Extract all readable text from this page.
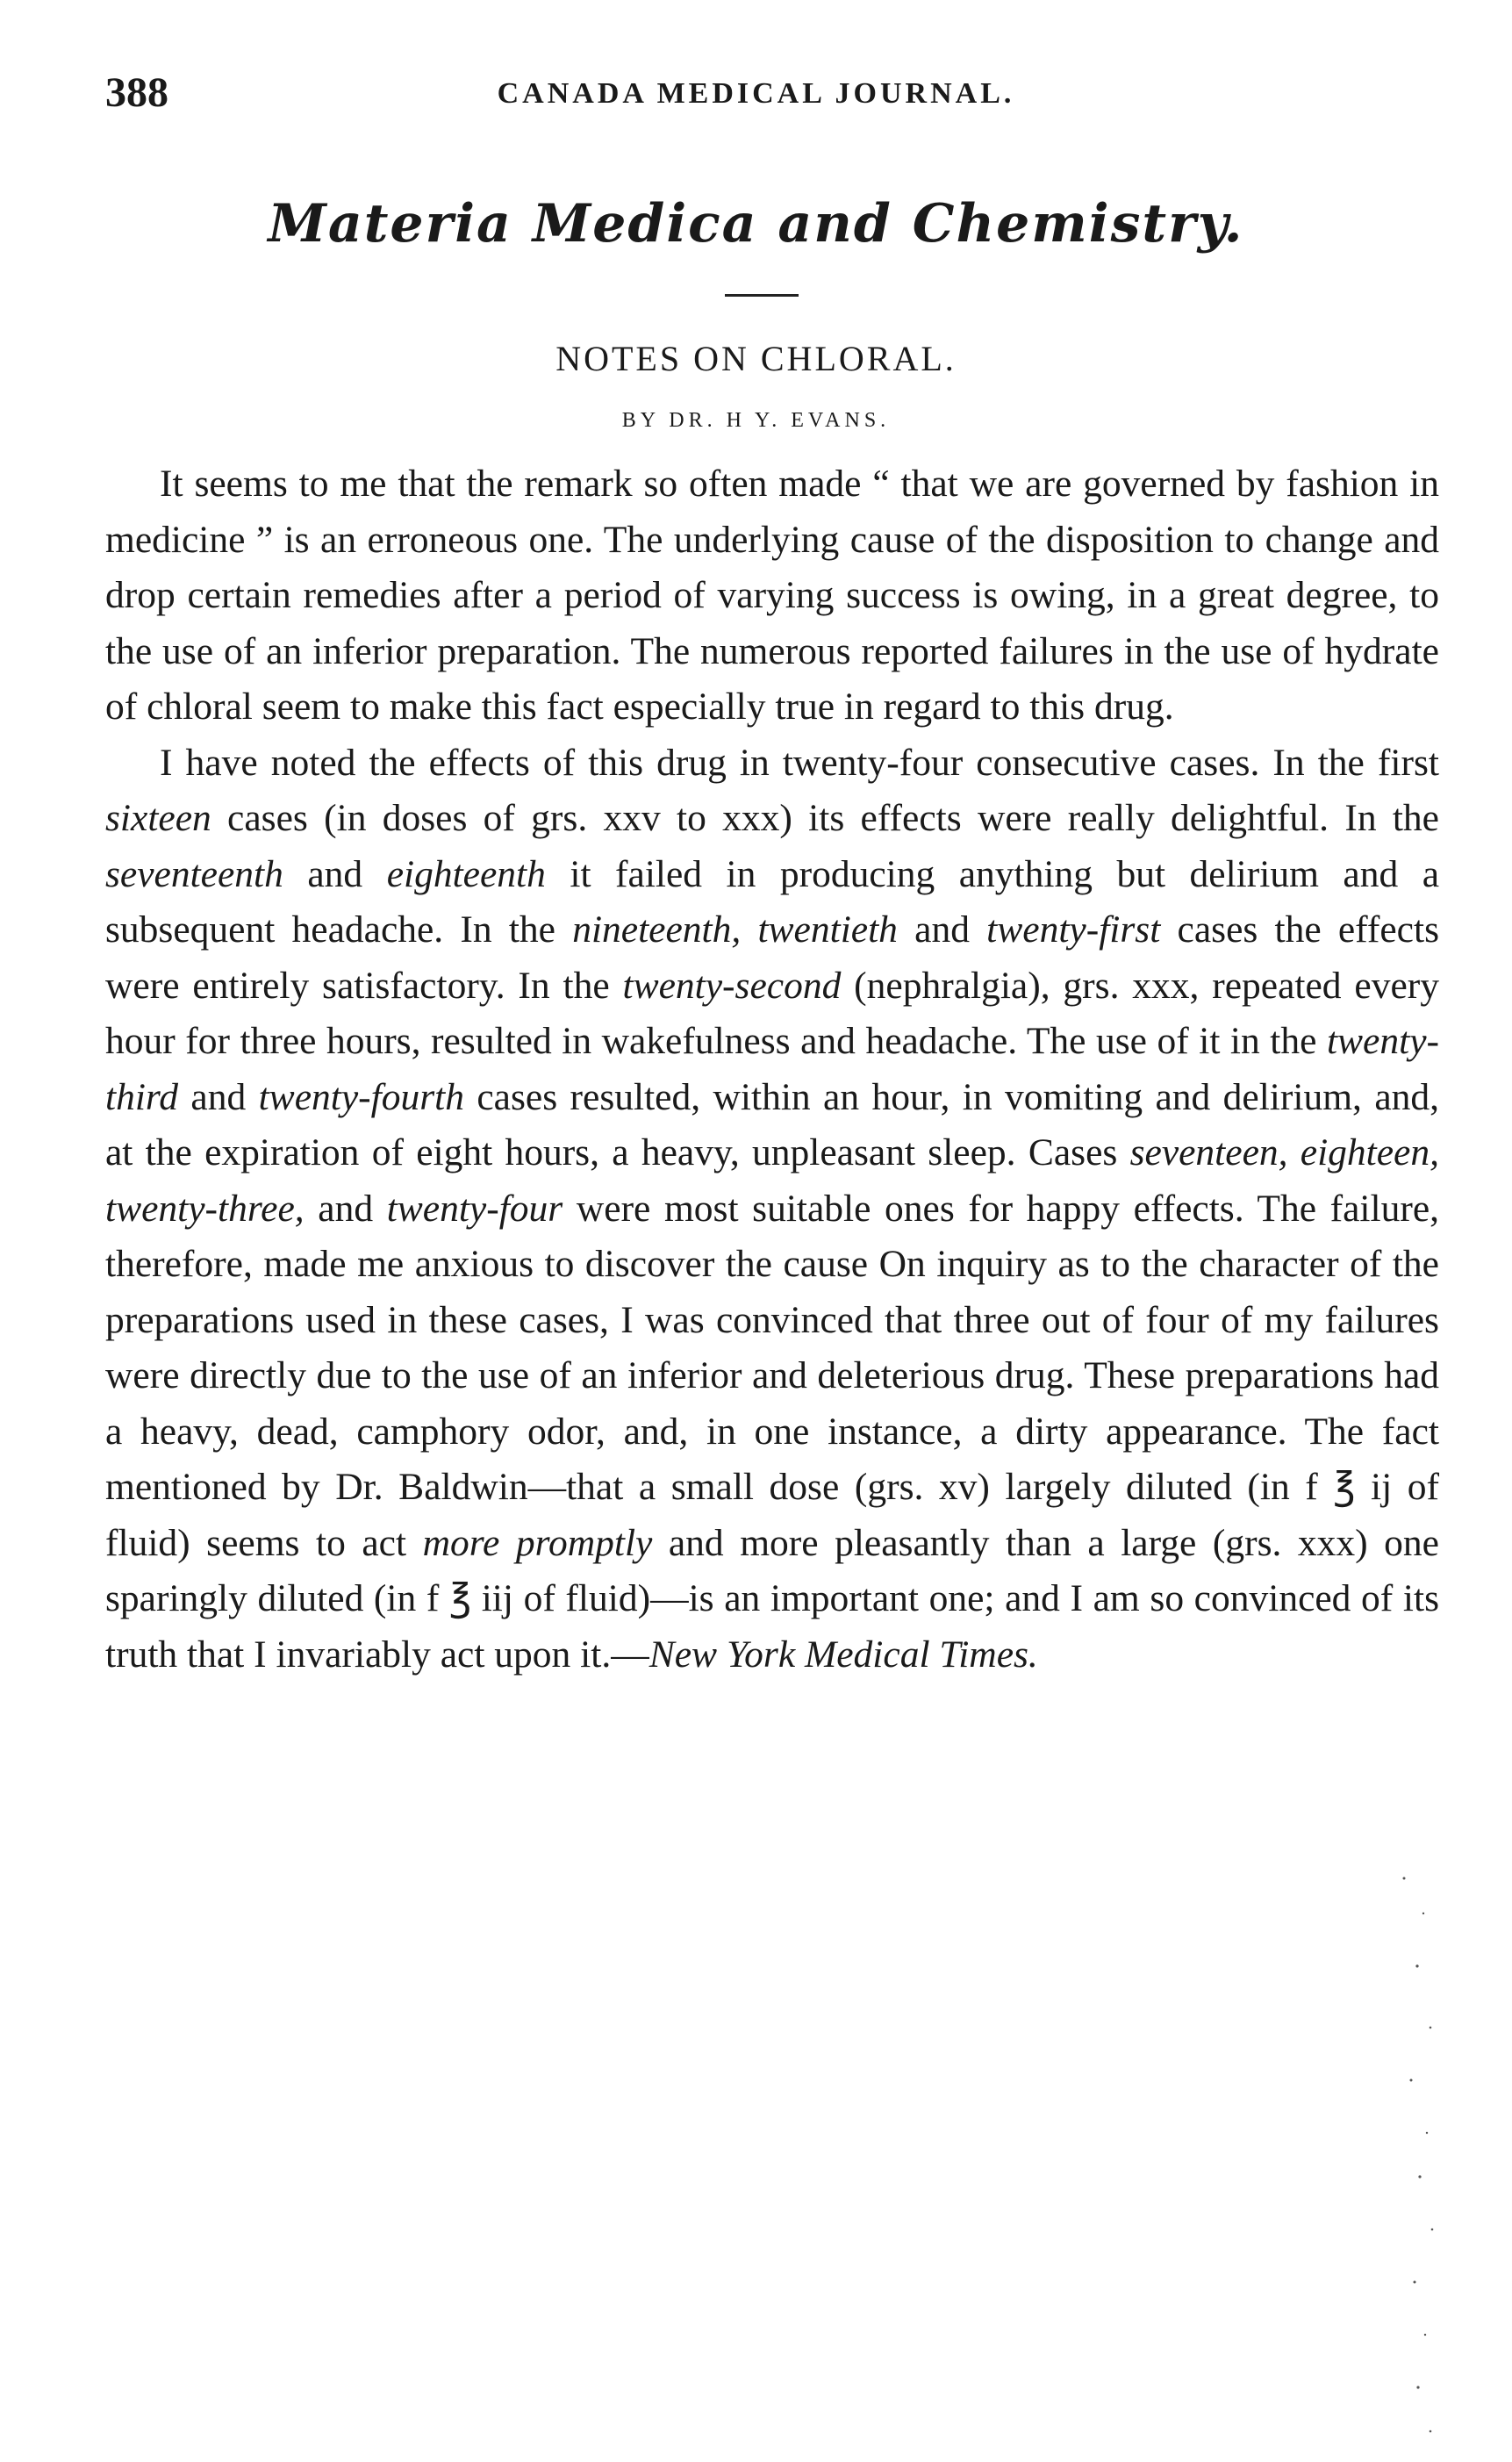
388	CANADA MEDICAL JOURNAL.
Materia Medica and Chemistry.
NOTES ON CHLORAL.
BY DR. H Y. EVANS.

It seems to me that the remark so often made “ that we are governed by fashion in medicine ” is an erroneous one. The underlying cause of the disposition to change and drop certain remedies after a period of varying success is owing, in a great degree, to the use of an inferior preparation. The numerous reported failures in the use of hydrate of chloral seem to make this fact especially true in regard to this drug.

I have noted the effects of this drug in twenty-four consecutive cases. In the first sixteen cases (in doses of grs. xxv to xxx) its effects were really delightful. In the seventeenth and eighteenth it failed in producing anything but delirium and a subsequent headache. In the nineteenth, twentieth and twenty-first cases the effects were entirely satisfactory. In the twenty-second (nephralgia), grs. xxx, repeated every hour for three hours, resulted in wakefulness and headache. The use of it in the twenty-third and twenty-fourth cases resulted, within an hour, in vomiting and delirium, and, at the expiration of eight hours, a heavy, unpleasant sleep. Cases seventeen, eighteen, twenty-three, and twenty-four were most suitable ones for happy effects. The failure, therefore, made me anxious to discover the cause On inquiry as to the character of the preparations used in these cases, I was convinced that three out of four of my failures were directly due to the use of an inferior and deleterious drug. These preparations had a heavy, dead, camphory odor, and, in one instance, a dirty appearance. The fact mentioned by Dr. Baldwin—that a small dose (grs. xv) largely diluted (in f ℥ ij of fluid) seems to act more promptly and more pleasantly than a large (grs. xxx) one sparingly diluted (in f ℥ iij of fluid)—is an important one; and I am so convinced of its truth that I invariably act upon it.—New York Medical Times.
